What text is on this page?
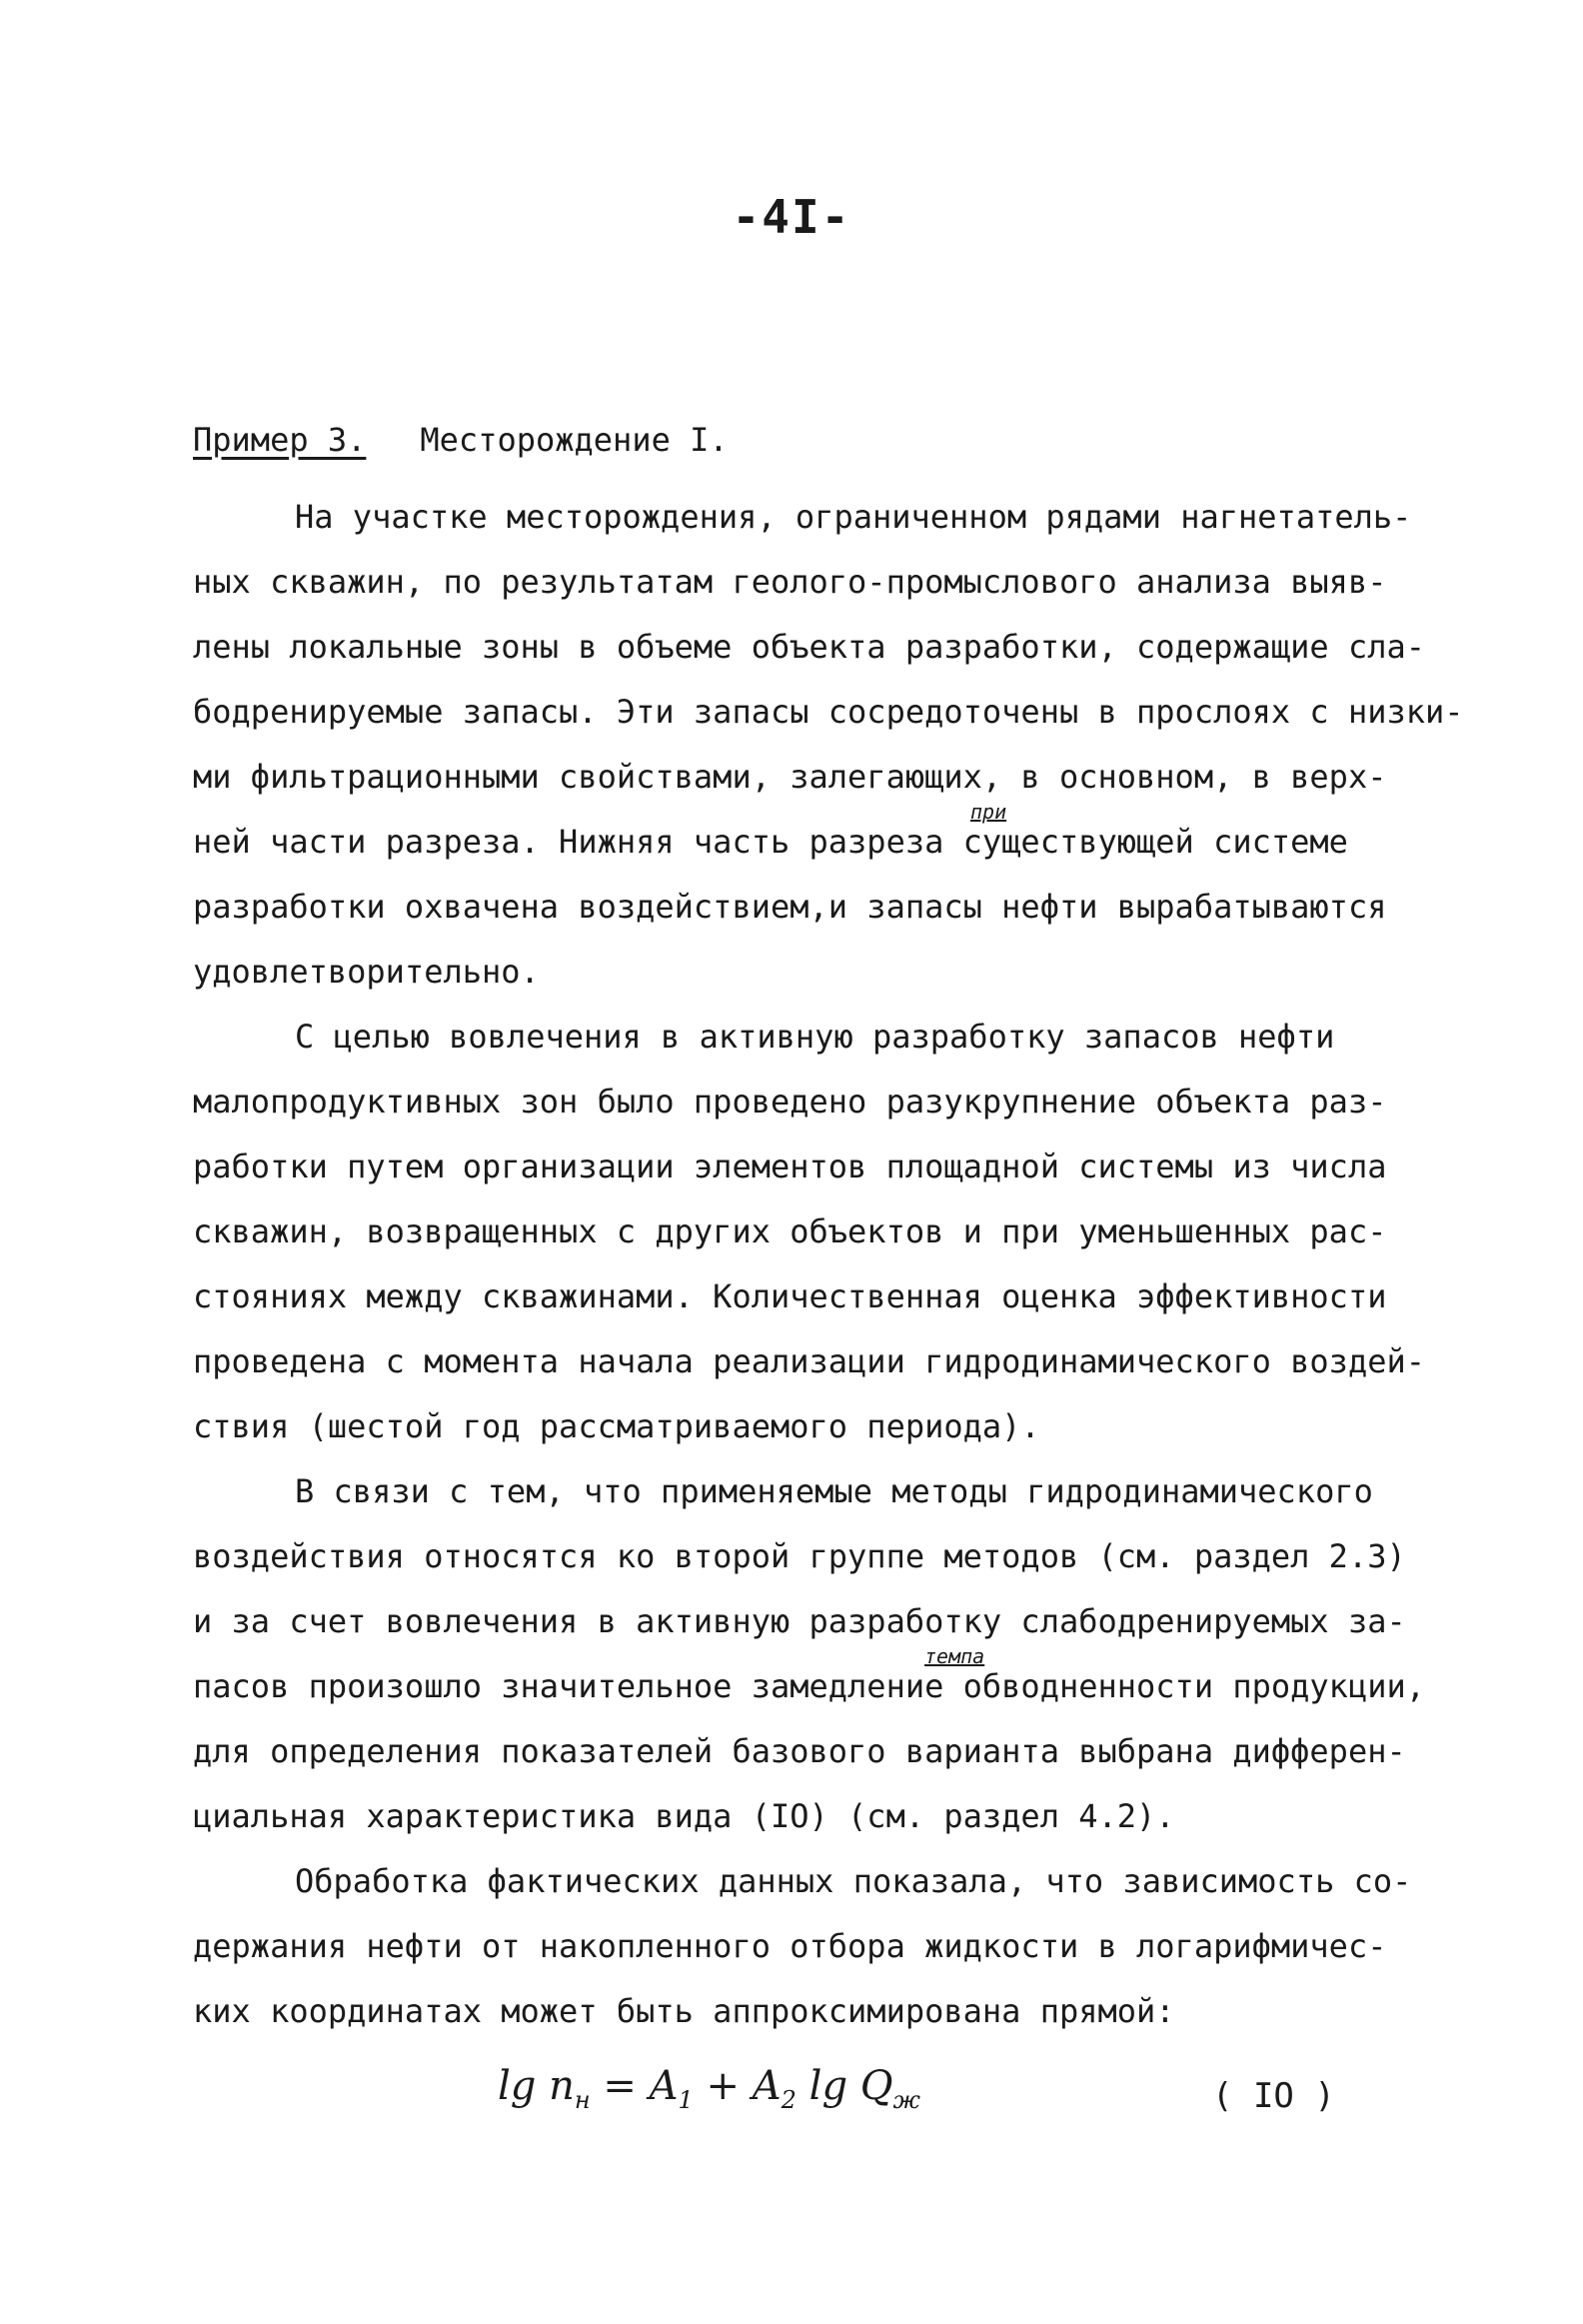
-4I-
Пример 3. Месторождение I.
На участке месторождения, ограниченном рядами нагнетатель-
ных скважин, по результатам геолого-промыслового анализа выяв-
лены локальные зоны в объеме объекта разработки, содержащие сла-
бодренируемые запасы. Эти запасы сосредоточены в прослоях с низки-
ми фильтрационными свойствами, залегающих, в основном, в верх-
при
ней части разреза. Нижняя часть разреза существующей системе
разработки охвачена воздействием,и запасы нефти вырабатываются
удовлетворительно.
С целью вовлечения в активную разработку запасов нефти
малопродуктивных зон было проведено разукрупнение объекта раз-
работки путем организации элементов площадной системы из числа
скважин, возвращенных с других объектов и при уменьшенных рас-
стояниях между скважинами. Количественная оценка эффективности
проведена с момента начала реализации гидродинамического воздей-
ствия (шестой год рассматриваемого периода).
В связи с тем, что применяемые методы гидродинамического
воздействия относятся ко второй группе методов (см. раздел 2.3)
и за счет вовлечения в активную разработку слабодренируемых за-
темпа
пасов произошло значительное замедление обводненности продукции,
для определения показателей базового варианта выбрана дифферен-
циальная характеристика вида (IO) (см. раздел 4.2).
Обработка фактических данных показала, что зависимость со-
держания нефти от накопленного отбора жидкости в логарифмичес-
ких координатах может быть аппроксимирована прямой:
$\lg n_н = A_1 + A_2$ $\lg Q_ж$	( IO )
